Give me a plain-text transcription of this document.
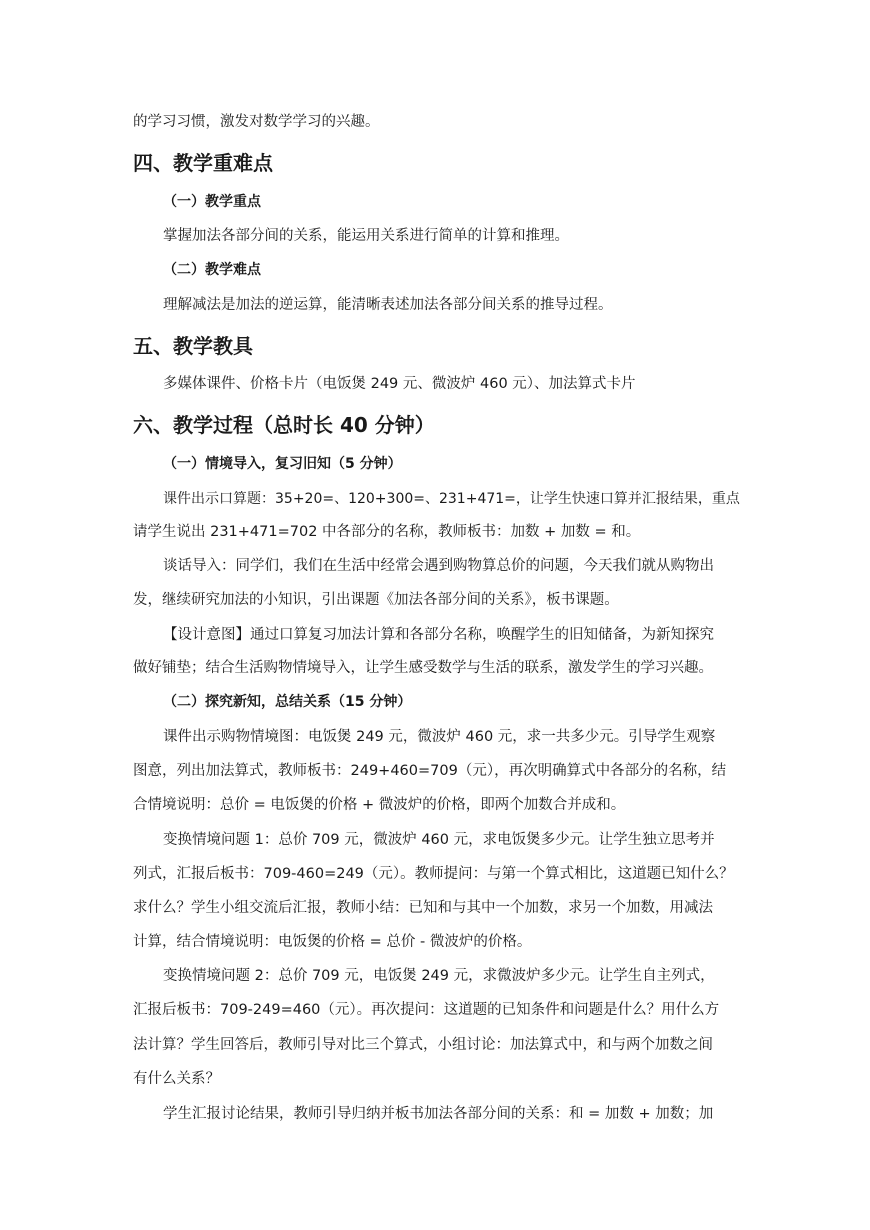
的学习习惯，激发对数学学习的兴趣。
四、教学重难点
（一）教学重点
掌握加法各部分间的关系，能运用关系进行简单的计算和推理。
（二）教学难点
理解减法是加法的逆运算，能清晰表述加法各部分间关系的推导过程。
五、教学教具
多媒体课件、价格卡片（电饭煲 249 元、微波炉 460 元）、加法算式卡片
六、教学过程（总时长 40 分钟）
（一）情境导入，复习旧知（5 分钟）
课件出示口算题：35+20=、120+300=、231+471=，让学生快速口算并汇报结果，重点
请学生说出 231+471=702 中各部分的名称，教师板书：加数 + 加数 = 和。
谈话导入：同学们，我们在生活中经常会遇到购物算总价的问题，今天我们就从购物出
发，继续研究加法的小知识，引出课题《加法各部分间的关系》，板书课题。
【设计意图】通过口算复习加法计算和各部分名称，唤醒学生的旧知储备，为新知探究
做好铺垫；结合生活购物情境导入，让学生感受数学与生活的联系，激发学生的学习兴趣。
（二）探究新知，总结关系（15 分钟）
课件出示购物情境图：电饭煲 249 元，微波炉 460 元，求一共多少元。引导学生观察
图意，列出加法算式，教师板书：249+460=709（元），再次明确算式中各部分的名称，结
合情境说明：总价 = 电饭煲的价格 + 微波炉的价格，即两个加数合并成和。
变换情境问题 1：总价 709 元，微波炉 460 元，求电饭煲多少元。让学生独立思考并
列式，汇报后板书：709-460=249（元）。教师提问：与第一个算式相比，这道题已知什么？
求什么？学生小组交流后汇报，教师小结：已知和与其中一个加数，求另一个加数，用减法
计算，结合情境说明：电饭煲的价格 = 总价 - 微波炉的价格。
变换情境问题 2：总价 709 元，电饭煲 249 元，求微波炉多少元。让学生自主列式，
汇报后板书：709-249=460（元）。再次提问：这道题的已知条件和问题是什么？用什么方
法计算？学生回答后，教师引导对比三个算式，小组讨论：加法算式中，和与两个加数之间
有什么关系？
学生汇报讨论结果，教师引导归纳并板书加法各部分间的关系：和 = 加数 + 加数；加
